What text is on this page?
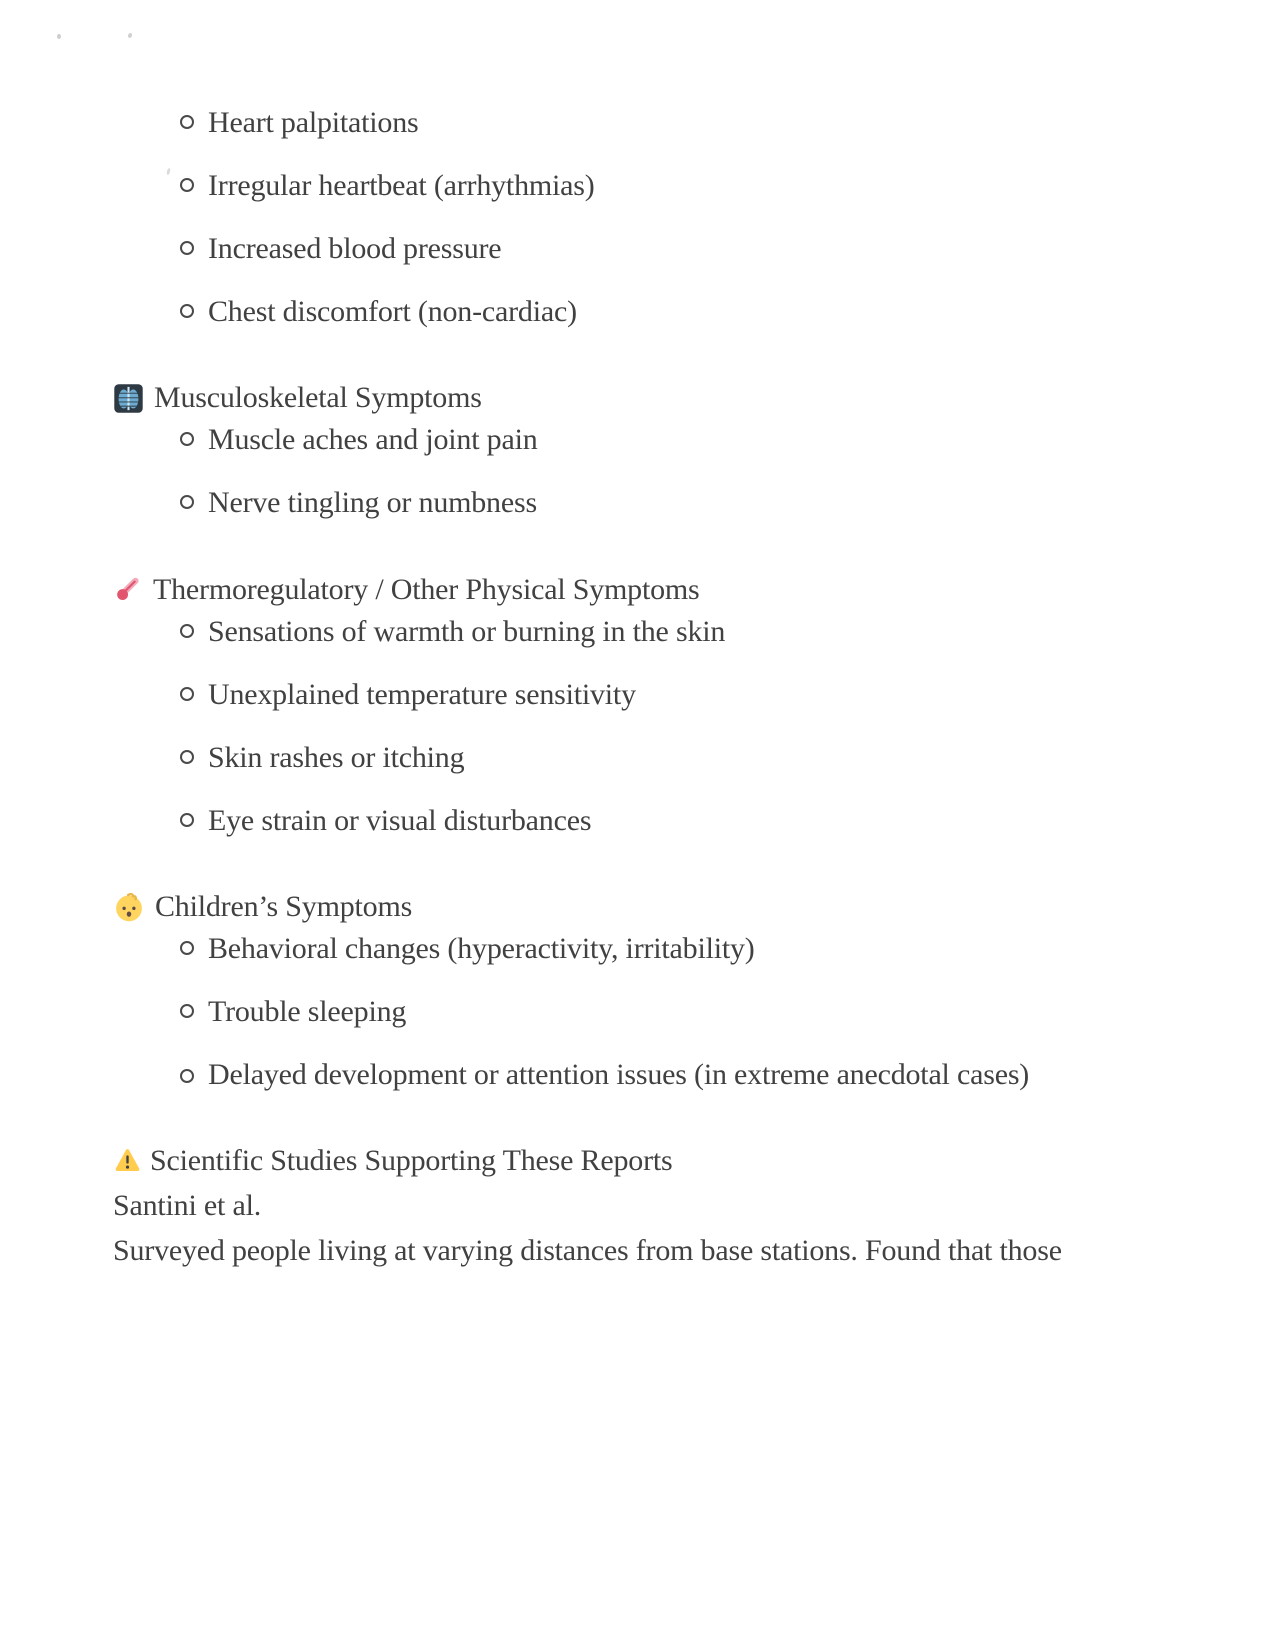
Heart palpitations
Irregular heartbeat (arrhythmias)
Increased blood pressure
Chest discomfort (non-cardiac)
Musculoskeletal Symptoms
Muscle aches and joint pain
Nerve tingling or numbness
Thermoregulatory / Other Physical Symptoms
Sensations of warmth or burning in the skin
Unexplained temperature sensitivity
Skin rashes or itching
Eye strain or visual disturbances
Children’s Symptoms
Behavioral changes (hyperactivity, irritability)
Trouble sleeping
Delayed development or attention issues (in extreme anecdotal cases)
Scientific Studies Supporting These Reports

Santini et al.

Surveyed people living at varying distances from base stations. Found that those
